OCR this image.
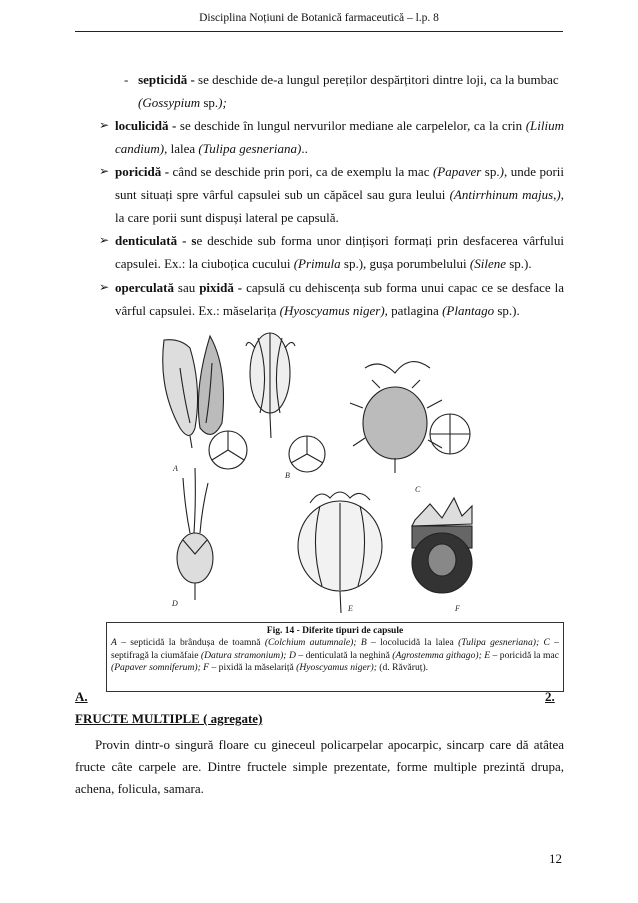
Disciplina Noțiuni de Botanică farmaceutică – l.p. 8
- septicidă - se deschide de-a lungul pereților despărțitori dintre loji, ca la bumbac
(Gossypium sp.);
➢ loculicidă - se deschide în lungul nervurilor mediane ale carpelelor, ca la crin (Lilium candium), lalea (Tulipa gesneriana)..
➢ poricidă - când se deschide prin pori, ca de exemplu la mac (Papaver sp.), unde porii sunt situați spre vârful capsulei sub un căpăcel sau gura leului (Antirrhinum majus,), la care porii sunt dispuși lateral pe capsulă.
➢ denticulată - se deschide sub forma unor dințișori formați prin desfacerea vârfului capsulei. Ex.: la ciuboțica cucului (Primula sp.), gușa porumbelului (Silene sp.).
➢ operculată sau pixidă - capsulă cu dehiscența sub forma unui capac ce se desface la vârful capsulei. Ex.: măselarița (Hyoscyamus niger), patlagina (Plantago sp.).
A
B
C
D
E	F
Fig. 14 - Diferite tipuri de capsule
A – septicidă la brândușa de toamnă (Colchium autumnale); B – locolucidă la lalea (Tulipa gesneriana); C – septifragă la ciumăfaie (Datura stramonium); D – denticulată la neghină (Agrostemma githago); E – poricidă la mac (Papaver somniferum); F – pixidă la măselariță (Hyoscyamus niger); (d. Răvăruț).
A.	2.
FRUCTE MULTIPLE ( agregate)
Provin dintr-o singură floare cu gineceul policarpelar apocarpic, sincarp care dă atâtea fructe câte carpele are. Dintre fructele simple prezentate, forme multiple prezintă drupa, achena, folicula, samara.
12
